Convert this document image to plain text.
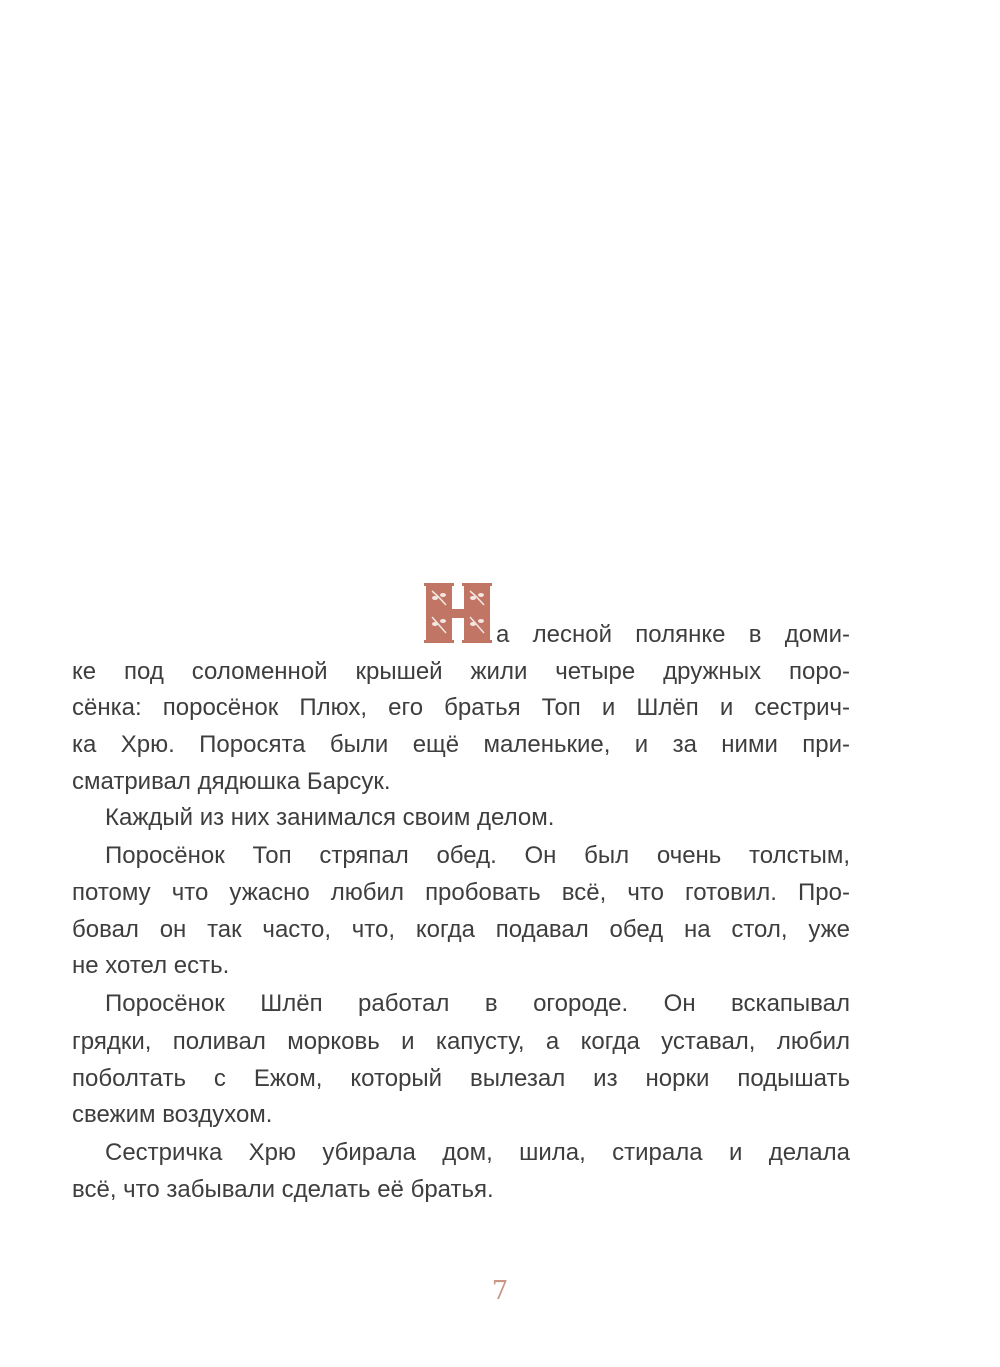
а лесной полянке в доми-
ке под соломенной крышей жили четыре дружных поро-
сёнка: поросёнок Плюх, его братья Топ и Шлёп и сестрич-
ка Хрю. Поросята были ещё маленькие, и за ними при-
сматривал дядюшка Барсук.
Каждый из них занимался своим делом.
Поросёнок Топ стряпал обед. Он был очень толстым,
потому что ужасно любил пробовать всё, что готовил. Про-
бовал он так часто, что, когда подавал обед на стол, уже
не хотел есть.
Поросёнок Шлёп работал в огороде. Он вскапывал
грядки, поливал морковь и капусту, а когда уставал, любил
поболтать с Ежом, который вылезал из норки подышать
свежим воздухом.
Сестричка Хрю убирала дом, шила, стирала и делала
всё, что забывали сделать её братья.
7
